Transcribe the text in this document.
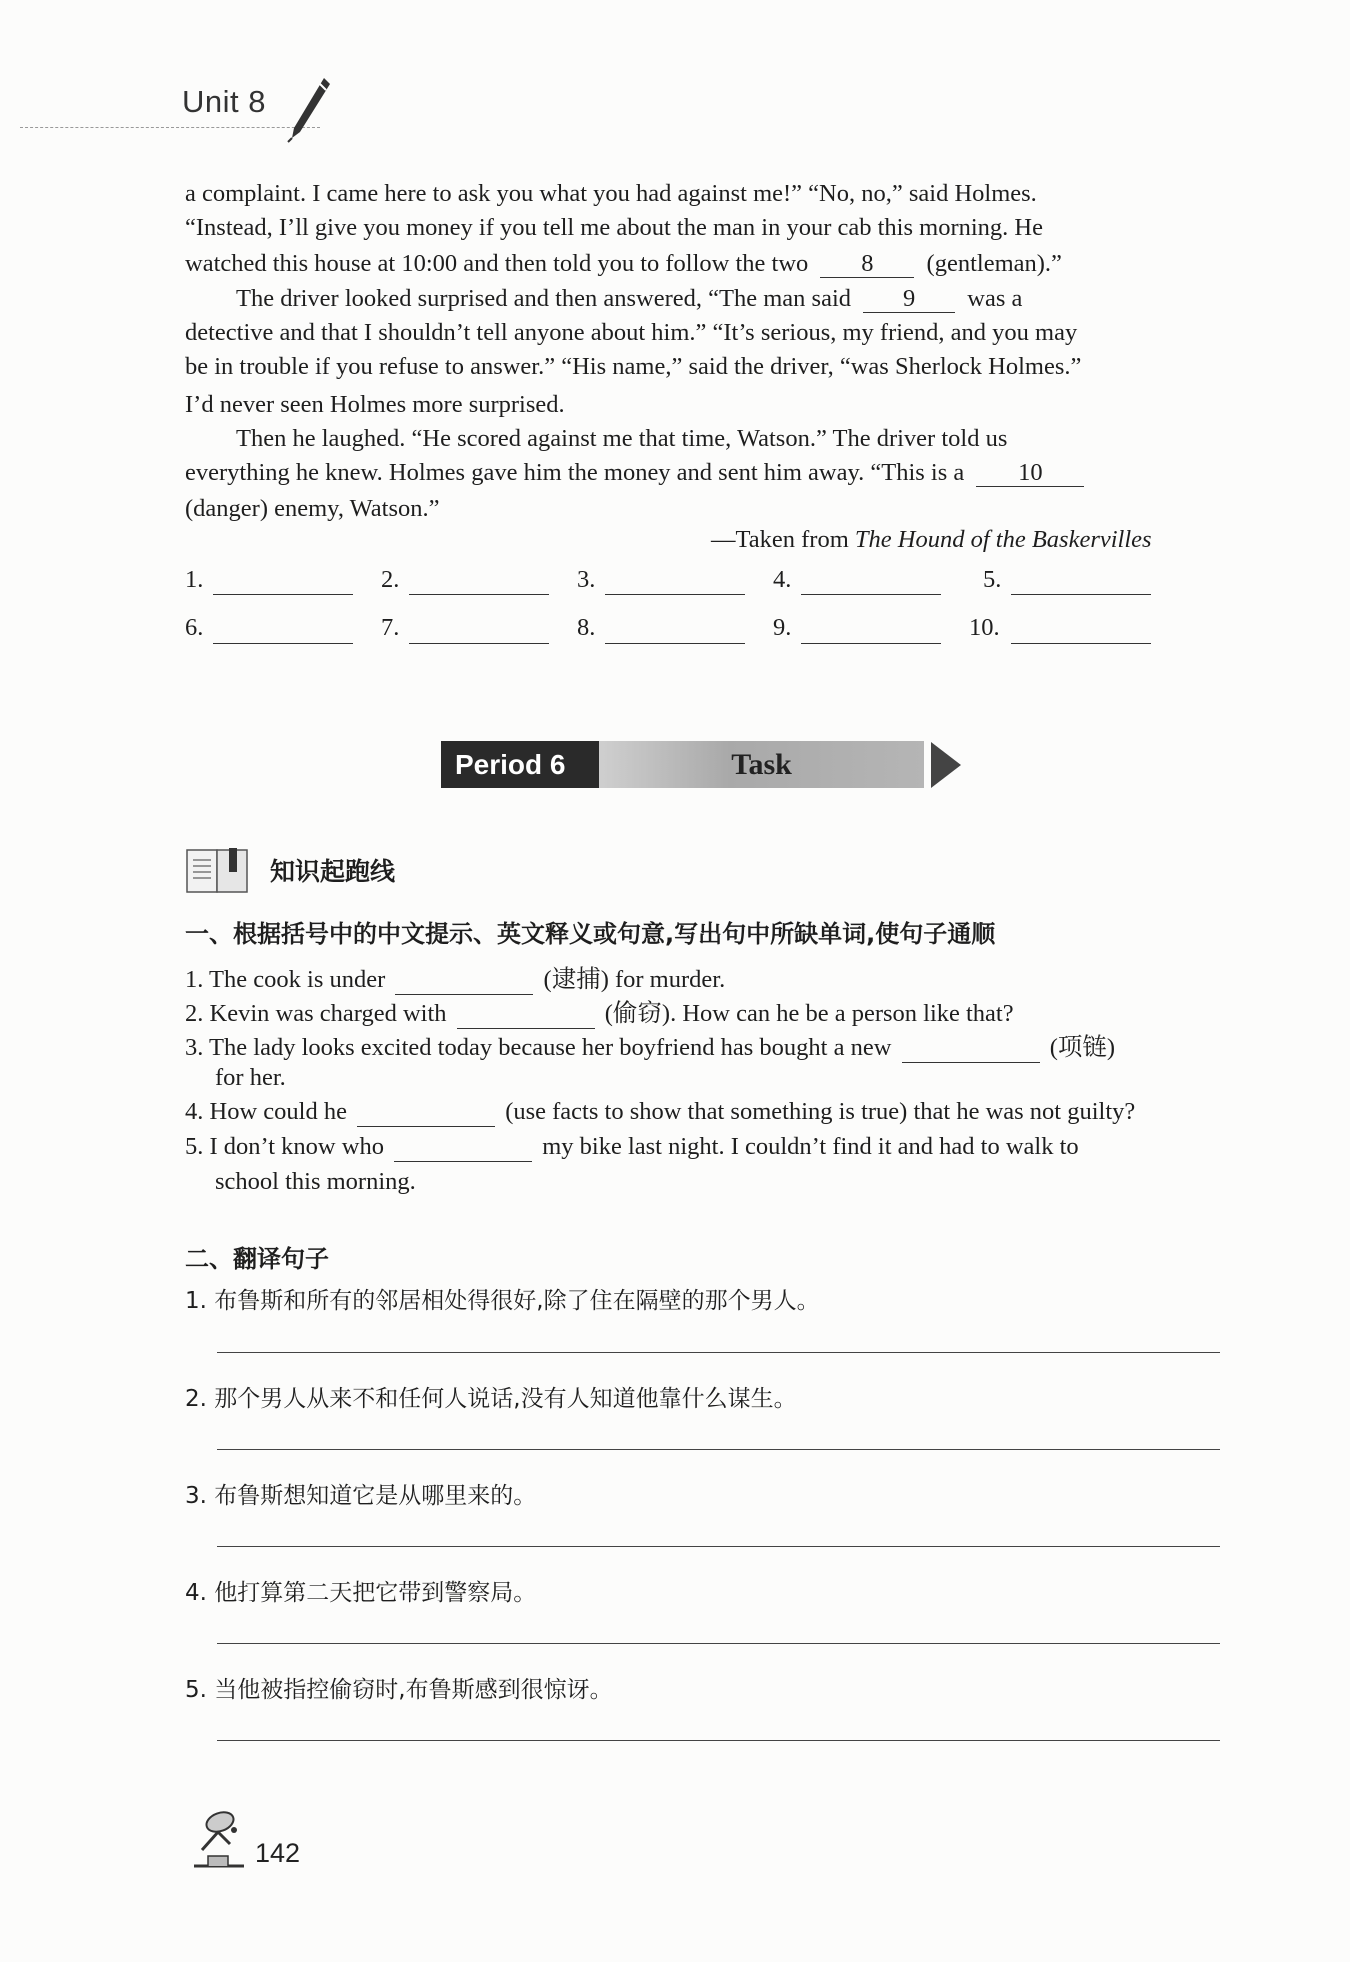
Unit 8
a complaint. I came here to ask you what you had against me!” “No, no,” said Holmes.
“Instead, I’ll give you money if you tell me about the man in your cab this morning. He
watched this house at 10:00 and then told you to follow the two 8 (gentleman).”
The driver looked surprised and then answered, “The man said 9 was a
detective and that I shouldn’t tell anyone about him.” “It’s serious, my friend, and you may
be in trouble if you refuse to answer.” “His name,” said the driver, “was Sherlock Holmes.”
I’d never seen Holmes more surprised.
Then he laughed. “He scored against me that time, Watson.” The driver told us
everything he knew. Holmes gave him the money and sent him away. “This is a 10
(danger) enemy, Watson.”
—Taken from The Hound of the Baskervilles
1.	2.	3.	4.	5.
6.	7.	8.	9.	10.
Period 6	Task
知识起跑线
一、根据括号中的中文提示、英文释义或句意,写出句中所缺单词,使句子通顺
1. The cook is under	(逮捕) for murder.
2. Kevin was charged with	(偷窃). How can he be a person like that?
3. The lady looks excited today because her boyfriend has bought a new	(项链)
for her.
4. How could he	(use facts to show that something is true) that he was not guilty?
5. I don’t know who	my bike last night. I couldn’t find it and had to walk to
school this morning.
二、翻译句子
1. 布鲁斯和所有的邻居相处得很好,除了住在隔壁的那个男人。
2. 那个男人从来不和任何人说话,没有人知道他靠什么谋生。
3. 布鲁斯想知道它是从哪里来的。
4. 他打算第二天把它带到警察局。
5. 当他被指控偷窃时,布鲁斯感到很惊讶。
142
